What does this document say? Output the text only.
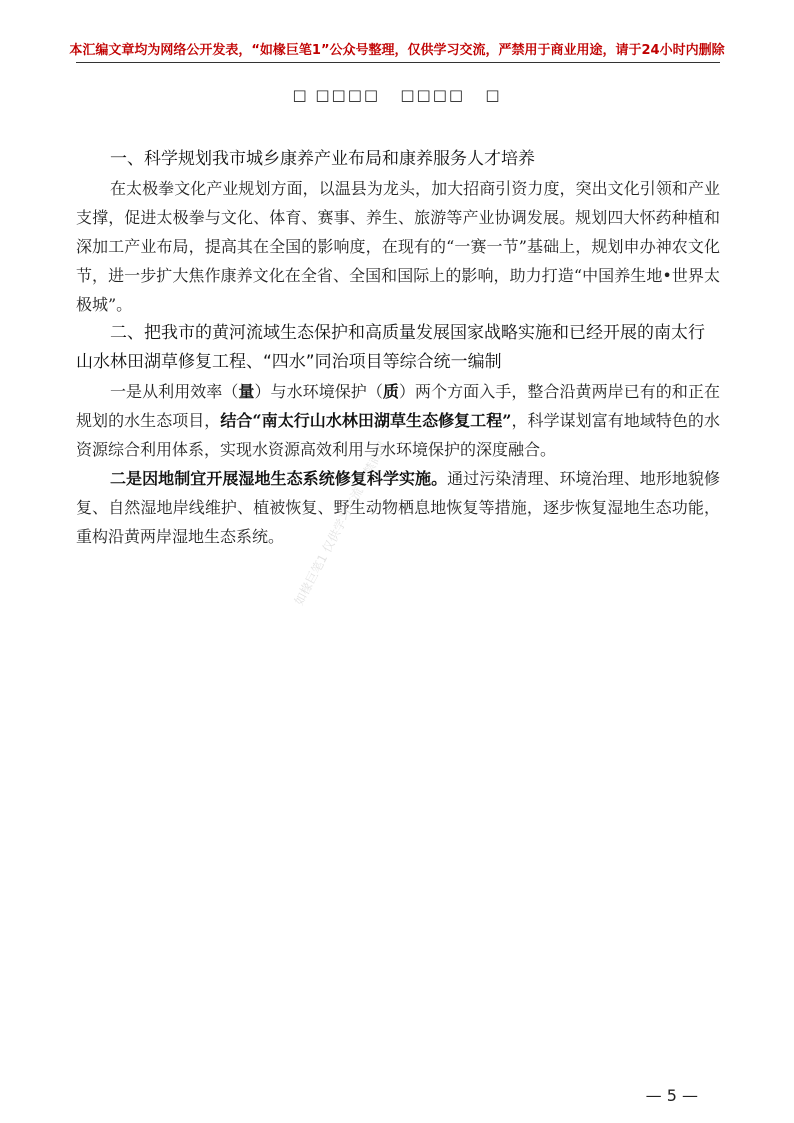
本汇编文章均为网络公开发表，“如椽巨笔1”公众号整理，仅供学习交流，严禁用于商业用途，请于24小时内删除
□ □□□□   □□□□   □

一、科学规划我市城乡康养产业布局和康养服务人才培养

在太极拳文化产业规划方面，以温县为龙头，加大招商引资力度，突出文化引领和产业支撑，促进太极拳与文化、体育、赛事、养生、旅游等产业协调发展。规划四大怀药种植和深加工产业布局，提高其在全国的影响度，在现有的“一赛一节”基础上，规划申办神农文化节，进一步扩大焦作康养文化在全省、全国和国际上的影响，助力打造“中国养生地•世界太极城”。

二、把我市的黄河流域生态保护和高质量发展国家战略实施和已经开展的南太行山水林田湖草修复工程、“四水”同治项目等综合统一编制

一是从利用效率（量）与水环境保护（质）两个方面入手，整合沿黄两岸已有的和正在规划的水生态项目，结合“南太行山水林田湖草生态修复工程”，科学谋划富有地域特色的水资源综合利用体系，实现水资源高效利用与水环境保护的深度融合。

二是因地制宜开展湿地生态系统修复科学实施。通过污染清理、环境治理、地形地貌修复、自然湿地岸线维护、植被恢复、野生动物栖息地恢复等措施，逐步恢复湿地生态功能，重构沿黄两岸湿地生态系统。 如椽巨笔1 仅供学习交流 严禁商用
— 5 —
